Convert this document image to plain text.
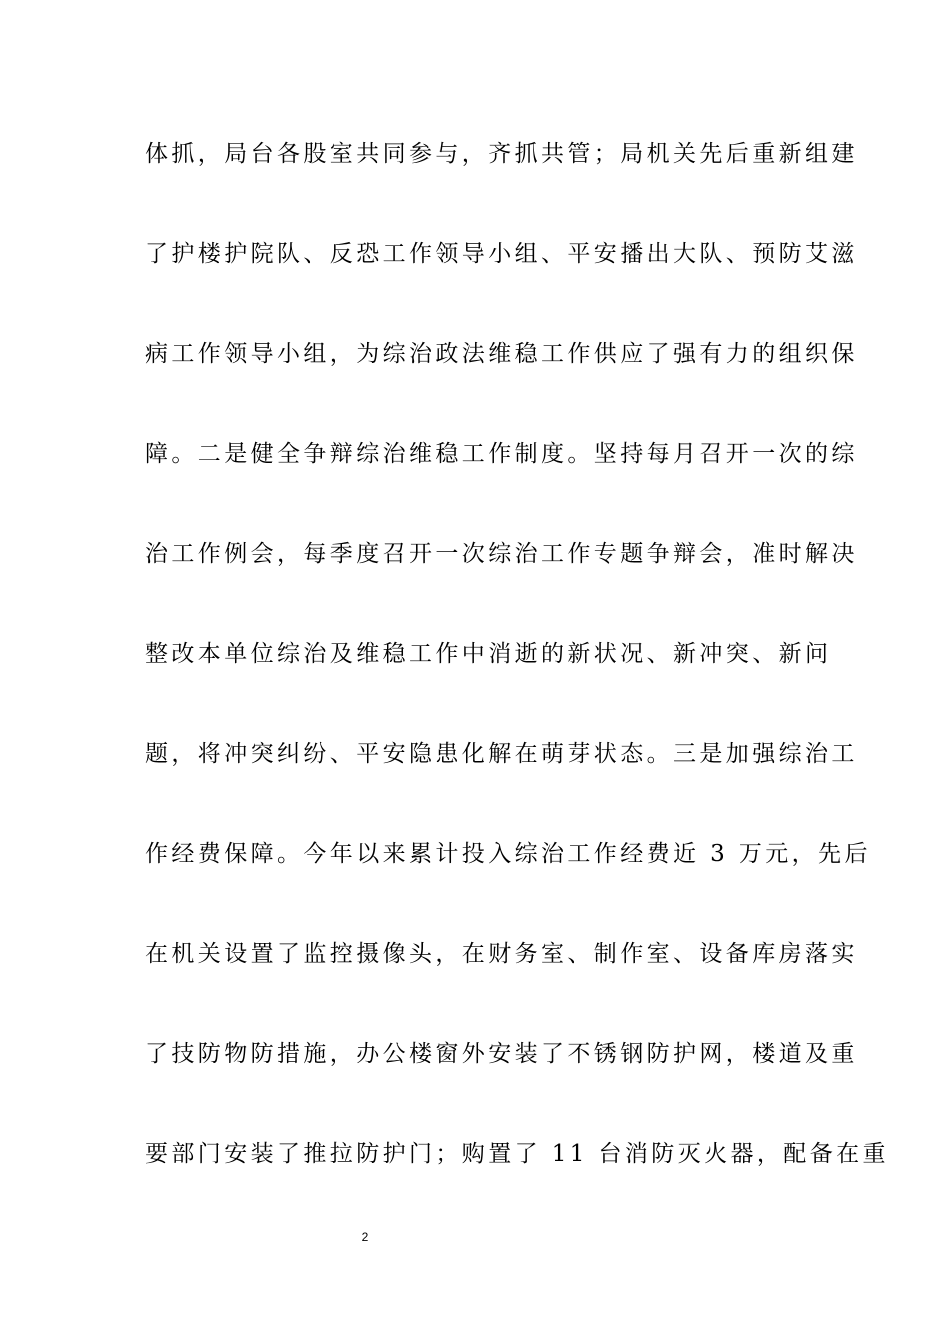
体抓，局台各股室共同参与，齐抓共管；局机关先后重新组建
了护楼护院队、反恐工作领导小组、平安播出大队、预防艾滋
病工作领导小组，为综治政法维稳工作供应了强有力的组织保
障。二是健全争辩综治维稳工作制度。坚持每月召开一次的综
治工作例会，每季度召开一次综治工作专题争辩会，准时解决
整改本单位综治及维稳工作中消逝的新状况、新冲突、新问
题，将冲突纠纷、平安隐患化解在萌芽状态。三是加强综治工
作经费保障。今年以来累计投入综治工作经费近 3 万元，先后
在机关设置了监控摄像头，在财务室、制作室、设备库房落实
了技防物防措施，办公楼窗外安装了不锈钢防护网，楼道及重
要部门安装了推拉防护门；购置了 11 台消防灭火器，配备在重
2
